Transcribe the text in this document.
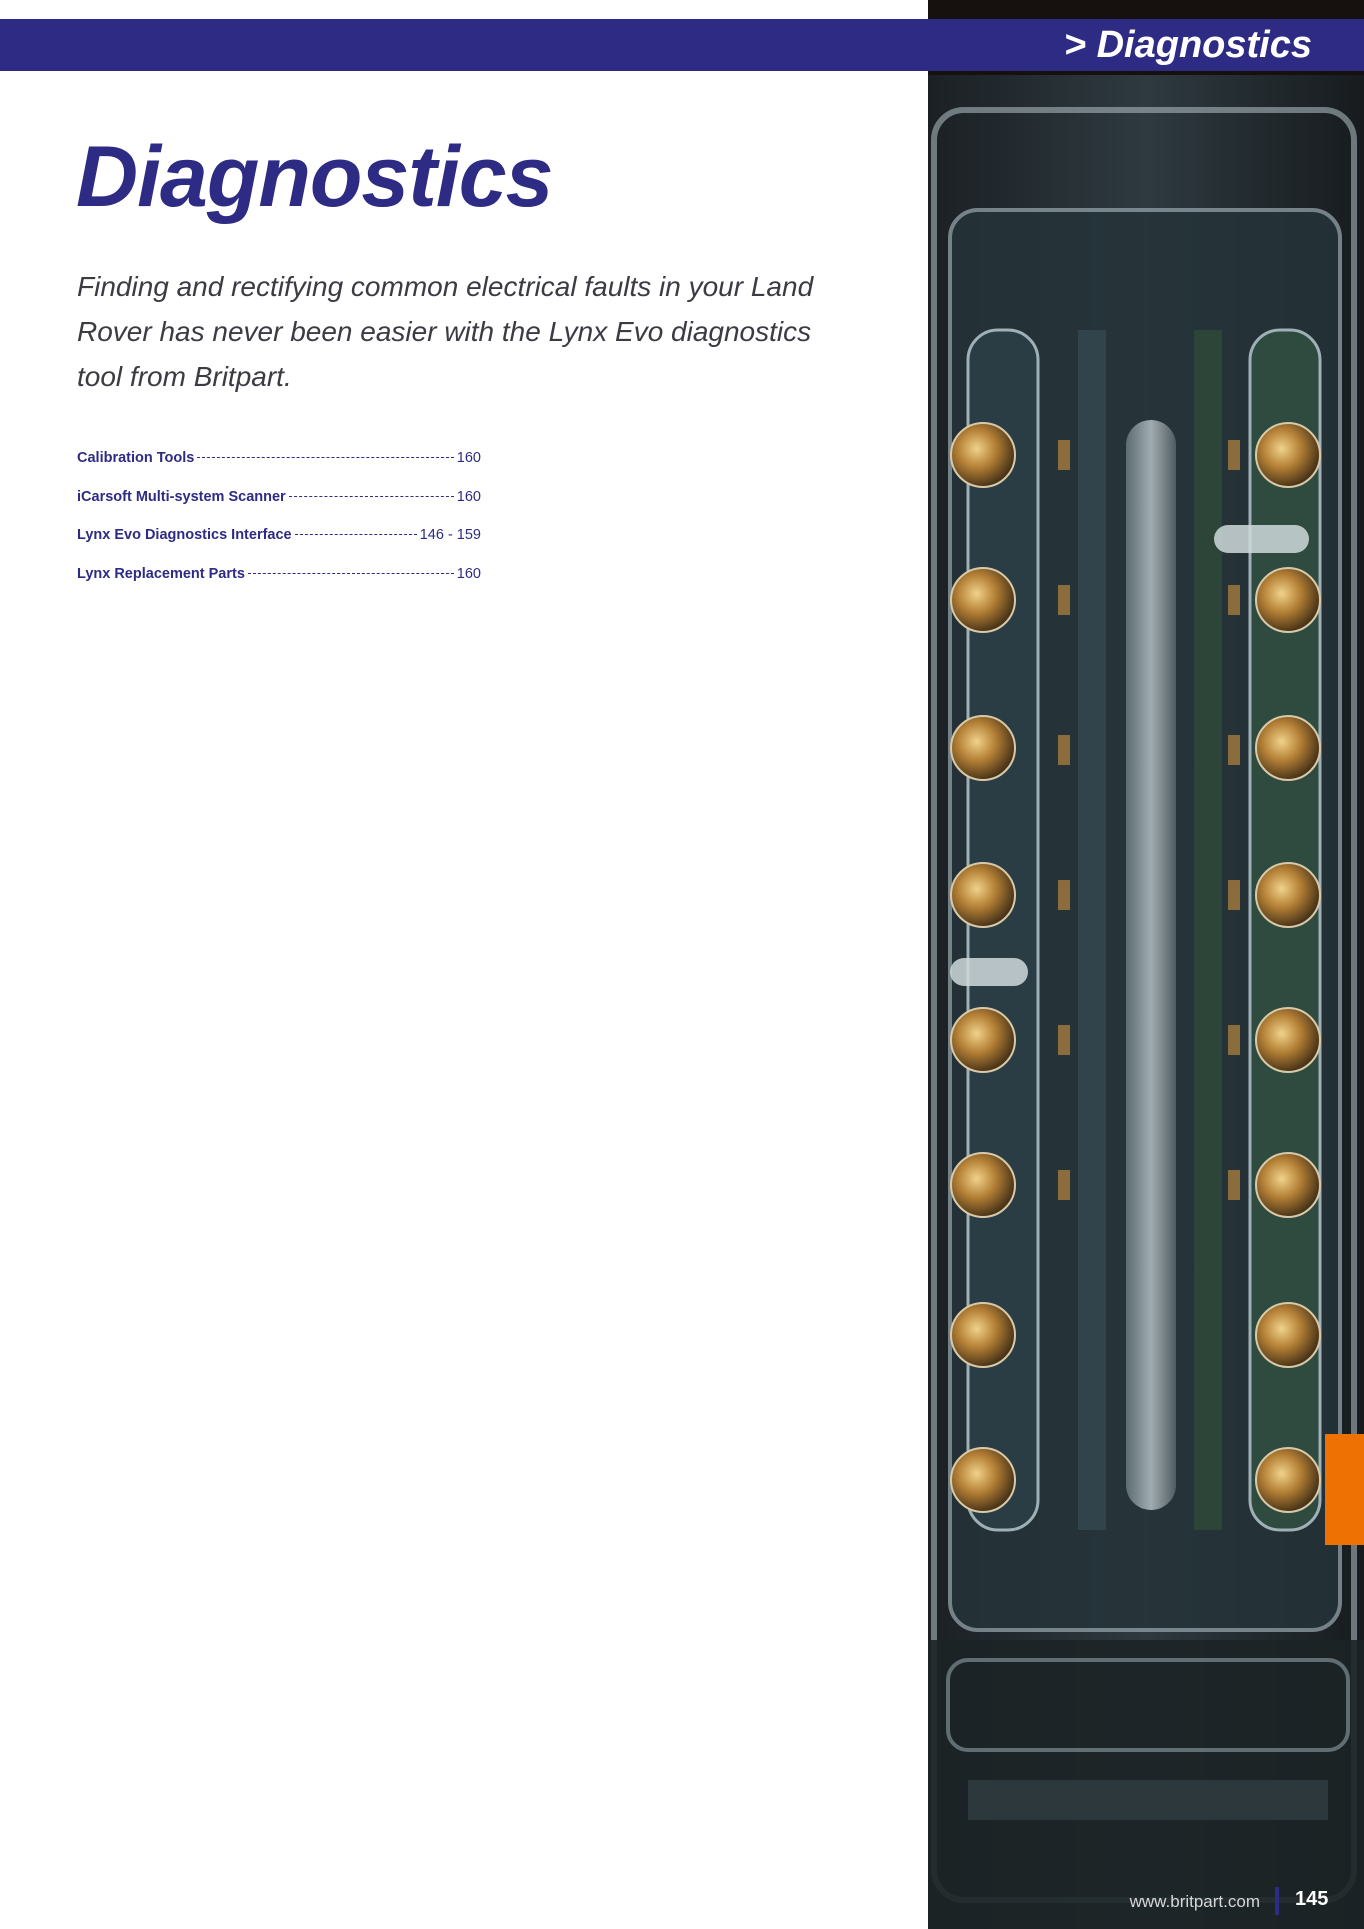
> Diagnostics

Diagnostics

Finding and rectifying common electrical faults in your Land Rover has never been easier with the Lynx Evo diagnostics tool from Britpart.

Calibration Tools	160
iCarsoft Multi-system Scanner	160
Lynx Evo Diagnostics Interface	146 - 159
Lynx Replacement Parts	160
www.britpart.com 145
